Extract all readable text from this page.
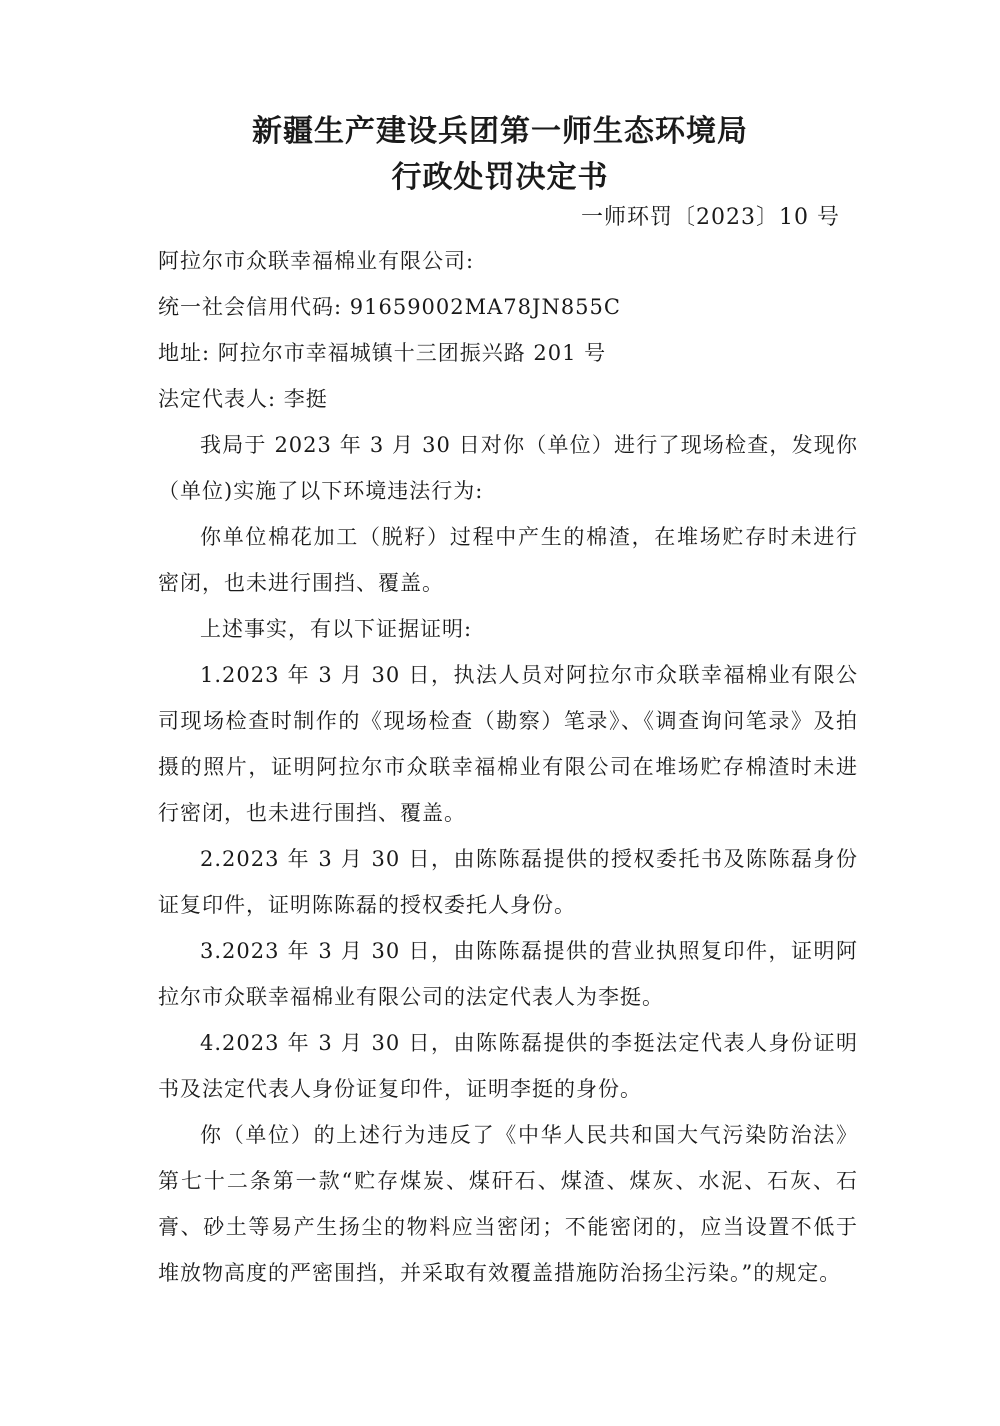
新疆生产建设兵团第一师生态环境局
行政处罚决定书
一师环罚〔2023〕10 号

阿拉尔市众联幸福棉业有限公司:

统一社会信用代码: 91659002MA78JN855C

地址: 阿拉尔市幸福城镇十三团振兴路 201 号

法定代表人: 李挺

我局于 2023 年 3 月 30 日对你（单位）进行了现场检查，发现你（单位)实施了以下环境违法行为:

你单位棉花加工（脱籽）过程中产生的棉渣，在堆场贮存时未进行密闭，也未进行围挡、覆盖。

上述事实，有以下证据证明:

1.2023 年 3 月 30 日，执法人员对阿拉尔市众联幸福棉业有限公司现场检查时制作的《现场检查（勘察）笔录》、《调查询问笔录》及拍摄的照片，证明阿拉尔市众联幸福棉业有限公司在堆场贮存棉渣时未进行密闭，也未进行围挡、覆盖。

2.2023 年 3 月 30 日，由陈陈磊提供的授权委托书及陈陈磊身份证复印件，证明陈陈磊的授权委托人身份。

3.2023 年 3 月 30 日，由陈陈磊提供的营业执照复印件，证明阿拉尔市众联幸福棉业有限公司的法定代表人为李挺。

4.2023 年 3 月 30 日，由陈陈磊提供的李挺法定代表人身份证明书及法定代表人身份证复印件，证明李挺的身份。

你（单位）的上述行为违反了《中华人民共和国大气污染防治法》第七十二条第一款“贮存煤炭、煤矸石、煤渣、煤灰、水泥、石灰、石膏、砂土等易产生扬尘的物料应当密闭；不能密闭的，应当设置不低于堆放物高度的严密围挡，并采取有效覆盖措施防治扬尘污染。”的规定。
